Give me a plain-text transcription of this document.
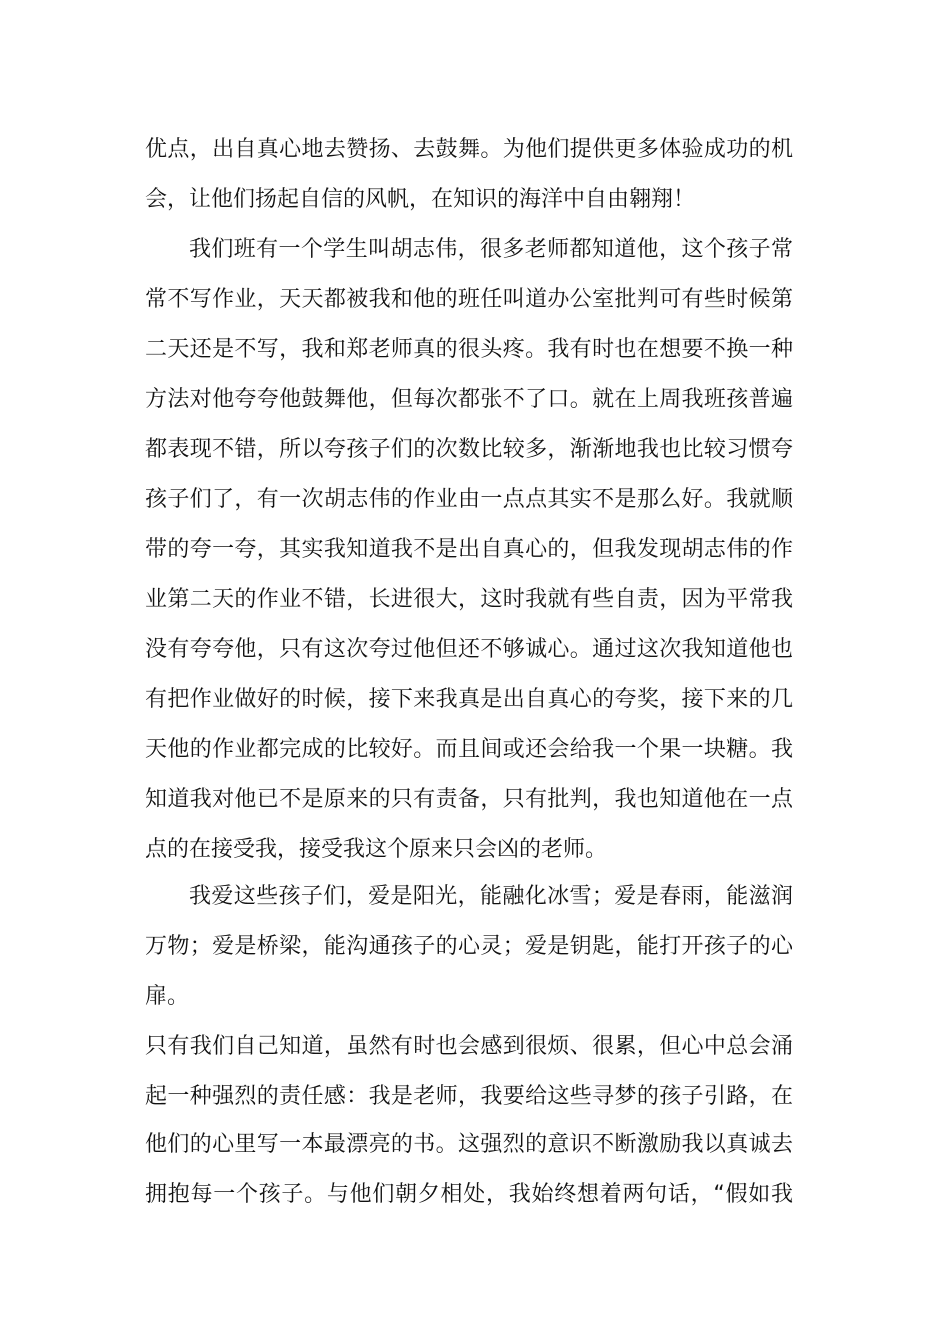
优点，出自真心地去赞扬、去鼓舞。为他们提供更多体验成功的机
会，让他们扬起自信的风帆，在知识的海洋中自由翱翔！
我们班有一个学生叫胡志伟，很多老师都知道他，这个孩子常
常不写作业，天天都被我和他的班任叫道办公室批判可有些时候第
二天还是不写，我和郑老师真的很头疼。我有时也在想要不换一种
方法对他夸夸他鼓舞他，但每次都张不了口。就在上周我班孩普遍
都表现不错，所以夸孩子们的次数比较多，渐渐地我也比较习惯夸
孩子们了，有一次胡志伟的作业由一点点其实不是那么好。我就顺
带的夸一夸，其实我知道我不是出自真心的，但我发现胡志伟的作
业第二天的作业不错，长进很大，这时我就有些自责，因为平常我
没有夸夸他，只有这次夸过他但还不够诚心。通过这次我知道他也
有把作业做好的时候，接下来我真是出自真心的夸奖，接下来的几
天他的作业都完成的比较好。而且间或还会给我一个果一块糖。我
知道我对他已不是原来的只有责备，只有批判，我也知道他在一点
点的在接受我，接受我这个原来只会凶的老师。
我爱这些孩子们，爱是阳光，能融化冰雪；爱是春雨，能滋润
万物；爱是桥梁，能沟通孩子的心灵；爱是钥匙，能打开孩子的心
扉。
只有我们自己知道，虽然有时也会感到很烦、很累，但心中总会涌
起一种强烈的责任感：我是老师，我要给这些寻梦的孩子引路，在
他们的心里写一本最漂亮的书。这强烈的意识不断激励我以真诚去
拥抱每一个孩子。与他们朝夕相处，我始终想着两句话，“假如我
